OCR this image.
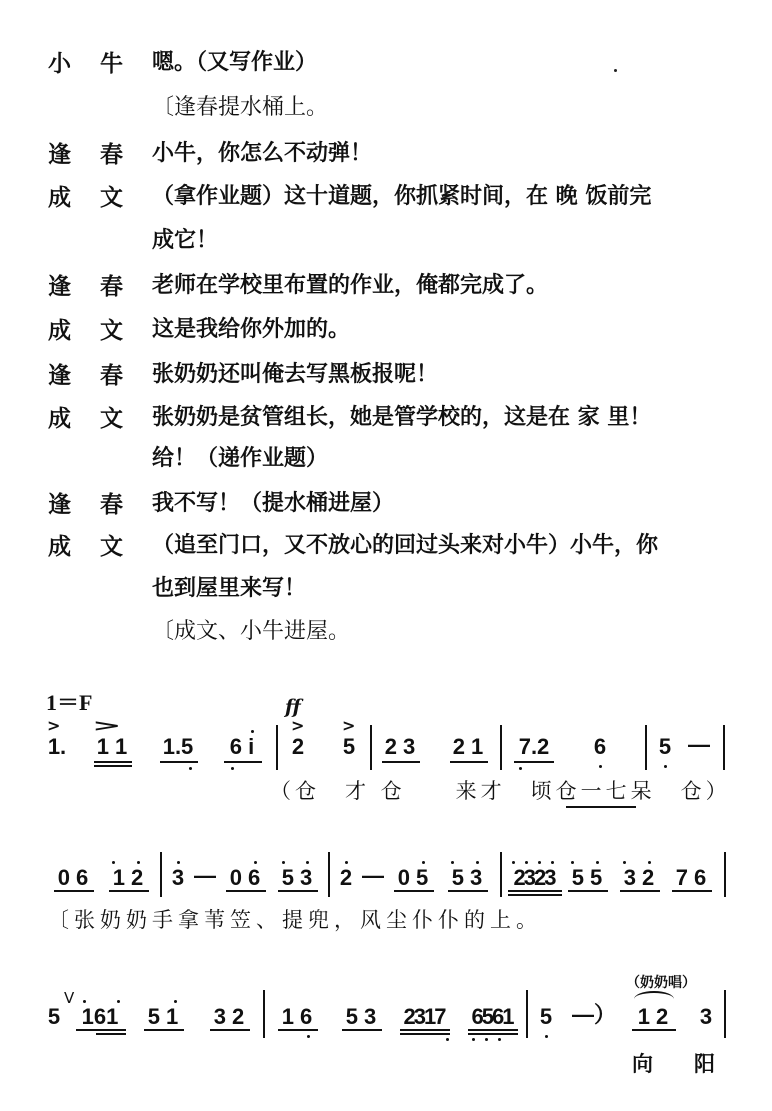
小 牛	嗯。（又写作业）
〔逢春提水桶上。
逢 春	小牛，你怎么不动弹！
成 文	（拿作业题）这十道题，你抓紧时间，在 晚 饭前完
成它！
逢 春	老师在学校里布置的作业，俺都完成了。
成 文	这是我给你外加的。
逢 春	张奶奶还叫俺去写黑板报呢！
成 文	张奶奶是贫管组长，她是管学校的，这是在 家 里！
给！（递作业题）
逢 春	我不写！（提水桶进屋）
成 文	（追至门口，又不放心的回过头来对小牛）小牛，你
也到屋里来写！
〔成文、小牛进屋。
1＝F
> >	> >
ff
1. 1 1 1.5	6 i	2 5 2 3 2 1	7.2	6 5 —
（仓　才 仓　　来才　顷仓一七呆　仓）
0 6 1 2 3 — 0 6 5 3 2 — 0 5 5 3	2323 5 5 3 2 7 6
〔张奶奶手拿苇笠、提兜，风尘仆仆的上。
V
5 161	5 1 3 2 1 6 5 3 2317 6561 5 —）
（奶奶唱）
1 2	3
向 阳
